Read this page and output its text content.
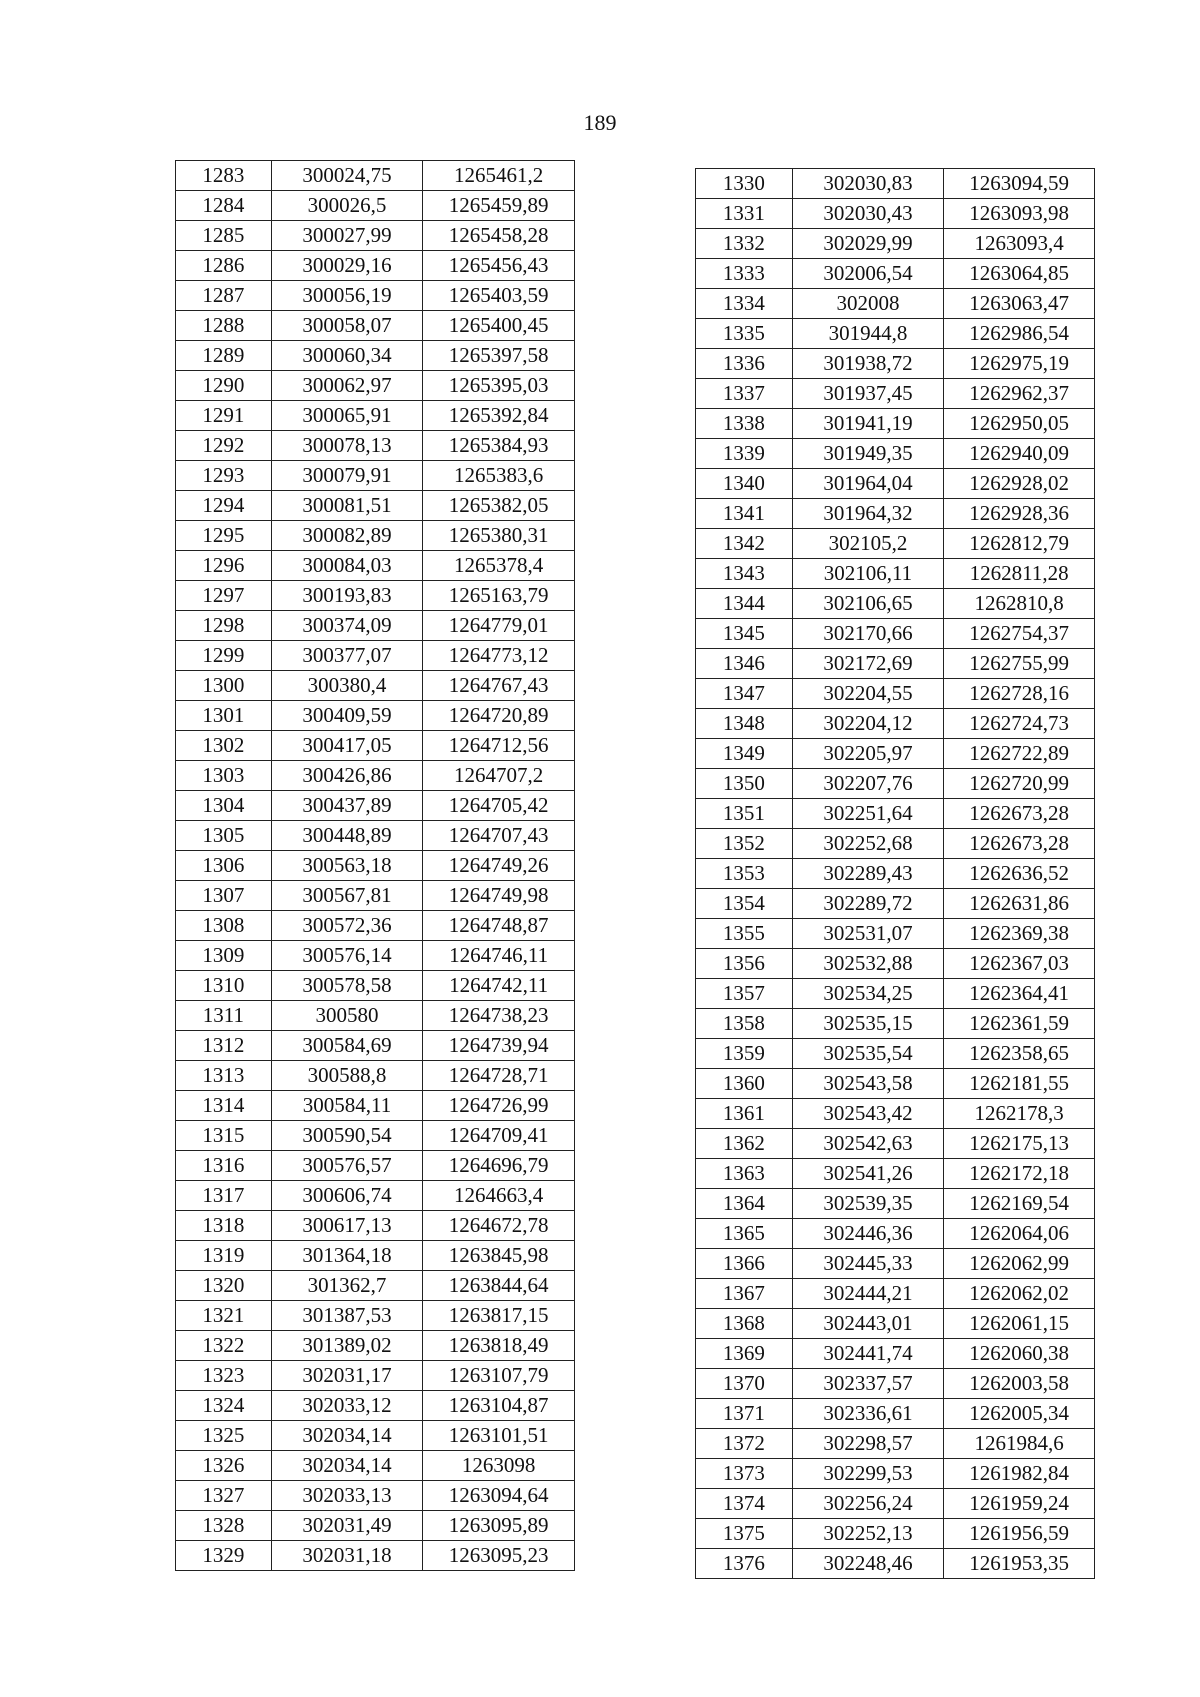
189
1283	300024,75	1265461,2
1284	300026,5	1265459,89
1285	300027,99	1265458,28
1286	300029,16	1265456,43
1287	300056,19	1265403,59
1288	300058,07	1265400,45
1289	300060,34	1265397,58
1290	300062,97	1265395,03
1291	300065,91	1265392,84
1292	300078,13	1265384,93
1293	300079,91	1265383,6
1294	300081,51	1265382,05
1295	300082,89	1265380,31
1296	300084,03	1265378,4
1297	300193,83	1265163,79
1298	300374,09	1264779,01
1299	300377,07	1264773,12
1300	300380,4	1264767,43
1301	300409,59	1264720,89
1302	300417,05	1264712,56
1303	300426,86	1264707,2
1304	300437,89	1264705,42
1305	300448,89	1264707,43
1306	300563,18	1264749,26
1307	300567,81	1264749,98
1308	300572,36	1264748,87
1309	300576,14	1264746,11
1310	300578,58	1264742,11
1311	300580	1264738,23
1312	300584,69	1264739,94
1313	300588,8	1264728,71
1314	300584,11	1264726,99
1315	300590,54	1264709,41
1316	300576,57	1264696,79
1317	300606,74	1264663,4
1318	300617,13	1264672,78
1319	301364,18	1263845,98
1320	301362,7	1263844,64
1321	301387,53	1263817,15
1322	301389,02	1263818,49
1323	302031,17	1263107,79
1324	302033,12	1263104,87
1325	302034,14	1263101,51
1326	302034,14	1263098
1327	302033,13	1263094,64
1328	302031,49	1263095,89
1329	302031,18	1263095,23
1330	302030,83	1263094,59
1331	302030,43	1263093,98
1332	302029,99	1263093,4
1333	302006,54	1263064,85
1334	302008	1263063,47
1335	301944,8	1262986,54
1336	301938,72	1262975,19
1337	301937,45	1262962,37
1338	301941,19	1262950,05
1339	301949,35	1262940,09
1340	301964,04	1262928,02
1341	301964,32	1262928,36
1342	302105,2	1262812,79
1343	302106,11	1262811,28
1344	302106,65	1262810,8
1345	302170,66	1262754,37
1346	302172,69	1262755,99
1347	302204,55	1262728,16
1348	302204,12	1262724,73
1349	302205,97	1262722,89
1350	302207,76	1262720,99
1351	302251,64	1262673,28
1352	302252,68	1262673,28
1353	302289,43	1262636,52
1354	302289,72	1262631,86
1355	302531,07	1262369,38
1356	302532,88	1262367,03
1357	302534,25	1262364,41
1358	302535,15	1262361,59
1359	302535,54	1262358,65
1360	302543,58	1262181,55
1361	302543,42	1262178,3
1362	302542,63	1262175,13
1363	302541,26	1262172,18
1364	302539,35	1262169,54
1365	302446,36	1262064,06
1366	302445,33	1262062,99
1367	302444,21	1262062,02
1368	302443,01	1262061,15
1369	302441,74	1262060,38
1370	302337,57	1262003,58
1371	302336,61	1262005,34
1372	302298,57	1261984,6
1373	302299,53	1261982,84
1374	302256,24	1261959,24
1375	302252,13	1261956,59
1376	302248,46	1261953,35
